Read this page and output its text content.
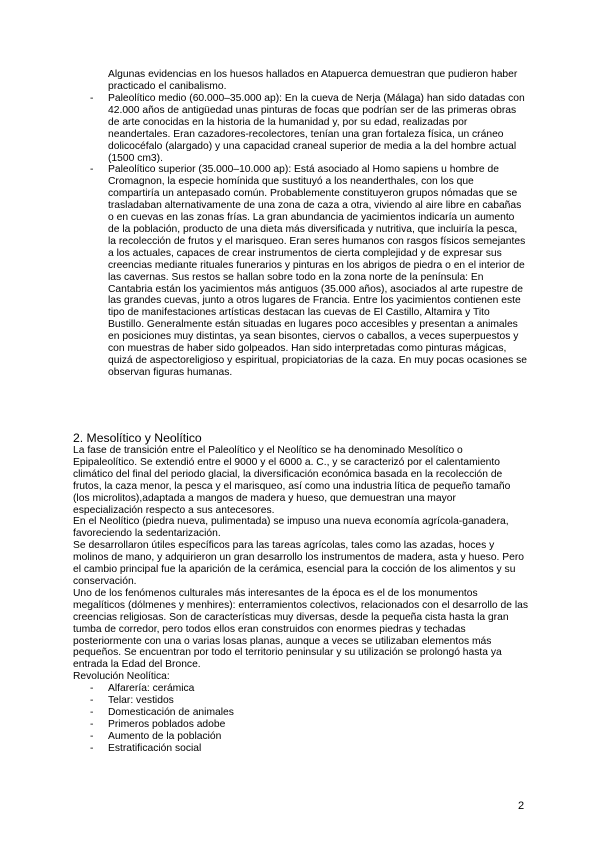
Algunas evidencias en los huesos hallados en Atapuerca demuestran que pudieron haber practicado el canibalismo.

- Paleolítico medio (60.000–35.000 ap): En la cueva de Nerja (Málaga) han sido datadas con 42.000 años de antigüedad unas pinturas de focas que podrían ser de las primeras obras de arte conocidas en la historia de la humanidad y, por su edad, realizadas por neandertales. Eran cazadores-recolectores, tenían una gran fortaleza física, un cráneo dolicocéfalo (alargado) y una capacidad craneal superior de media a la del hombre actual (1500 cm3).
- Paleolítico superior (35.000–10.000 ap): Está asociado al Homo sapiens u hombre de Cromagnon, la especie homínida que sustituyó a los neanderthales, con los que compartiría un antepasado común. Probablemente constituyeron grupos nómadas que se trasladaban alternativamente de una zona de caza a otra, viviendo al aire libre en cabañas o en cuevas en las zonas frías. La gran abundancia de yacimientos indicaría un aumento de la población, producto de una dieta más diversificada y nutritiva, que incluiría la pesca, la recolección de frutos y el marisqueo. Eran seres humanos con rasgos físicos semejantes a los actuales, capaces de crear instrumentos de cierta complejidad y de expresar sus creencias mediante rituales funerarios y pinturas en los abrigos de piedra o en el interior de las cavernas. Sus restos se hallan sobre todo en la zona norte de la península: En Cantabria están los yacimientos más antiguos (35.000 años), asociados al arte rupestre de las grandes cuevas, junto a otros lugares de Francia. Entre los yacimientos contienen este tipo de manifestaciones artísticas destacan las cuevas de El Castillo, Altamira y Tito Bustillo. Generalmente están situadas en lugares poco accesibles y presentan a animales en posiciones muy distintas, ya sean bisontes, ciervos o caballos, a veces superpuestos y con muestras de haber sido golpeados. Han sido interpretadas como pinturas mágicas, quizá de aspectoreligioso y espiritual, propiciatorias de la caza. En muy pocas ocasiones se observan figuras humanas.
2. Mesolítico y Neolítico

La fase de transición entre el Paleolítico y el Neolítico se ha denominado Mesolítico o Epipaleolítico. Se extendió entre el 9000 y el 6000 a. C., y se caracterizó por el calentamiento climático del final del periodo glacial, la diversificación económica basada en la recolección de frutos, la caza menor, la pesca y el marisqueo, así como una industria lítica de pequeño tamaño (los microlitos),adaptada a mangos de madera y hueso, que demuestran una mayor especialización respecto a sus antecesores.

En el Neolítico (piedra nueva, pulimentada) se impuso una nueva economía agrícola-ganadera, favoreciendo la sedentarización.

Se desarrollaron útiles específicos para las tareas agrícolas, tales como las azadas, hoces y molinos de mano, y adquirieron un gran desarrollo los instrumentos de madera, asta y hueso. Pero el cambio principal fue la aparición de la cerámica, esencial para la cocción de los alimentos y su conservación.

Uno de los fenómenos culturales más interesantes de la época es el de los monumentos megalíticos (dólmenes y menhires): enterramientos colectivos, relacionados con el desarrollo de las creencias religiosas. Son de características muy diversas, desde la pequeña cista hasta la gran tumba de corredor, pero todos ellos eran construidos con enormes piedras y techadas posteriormente con una o varias losas planas, aunque a veces se utilizaban elementos más pequeños. Se encuentran por todo el territorio peninsular y su utilización se prolongó hasta ya entrada la Edad del Bronce.

Revolución Neolítica:

- Alfarería: cerámica
- Telar: vestidos
- Domesticación de animales
- Primeros poblados adobe
- Aumento de la población
- Estratificación social
2
